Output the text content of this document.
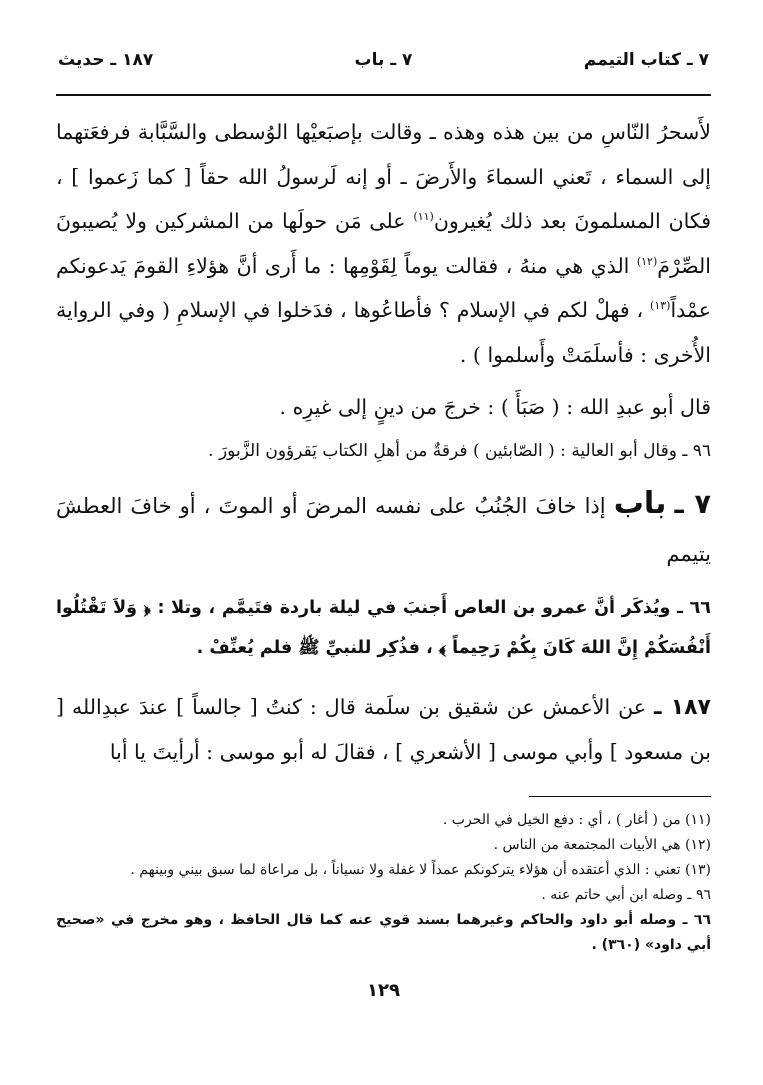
٧ ـ كتاب التيمم
٧ ـ باب
١٨٧ ـ حديث

لأَسحرُ النّاسِ من بين هذه وهذه ـ وقالت بإصبَعيْها الوُسطى والسَّبَّابة فرفعَتهما إلى السماء ، تَعني السماءَ والأَرضَ ـ أو إنه لَرسولُ الله حقاً [ كما زَعموا ] ، فكان المسلمونَ بعد ذلك يُغيرون$^{(١١)}$ على مَن حولَها من المشركين ولا يُصيبونَ الصِّرْمَ$^{(١٢)}$ الذي هي منهُ ، فقالت يوماً لِقَوْمِها : ما أَرى أنَّ هؤلاءِ القومَ يَدعونكم عمْداً$^{(١٣)}$ ، فهلْ لكم في الإسلام ؟ فأطاعُوها ، فدَخلوا في الإسلامِ ( وفي الرواية الأُخرى : فأسلَمَتْ وأَسلموا ) .

قال أبو عبدِ الله : ( صَبَأَ ) : خرجَ من دينٍ إلى غيرِه .

٩٦ ـ وقال أبو العالية : ( الصّابئين ) فرقةٌ من أهلِ الكتاب يَقرؤون الزَّبورَ .

٧ ـ باب إذا خافَ الجُنُبُ على نفسه المرضَ أو الموتَ ، أو خافَ العطشَ يتيمم

٦٦ ـ ويُذكَر أنَّ عمرو بن العاص أَجنبَ في ليلة باردة فتَيمَّم ، وتلا : ﴿ وَلاَ تَقْتُلُوا أَنْفُسَكُمْ إِنَّ اللهَ كَانَ بِكُمْ رَحِيماً ﴾ ، فذُكِر للنبيِّ ﷺ فلم يُعنِّفْ .

١٨٧ ـ عن الأعمش عن شقيق بن سلَمة قال : كنتُ [ جالساً ] عندَ عبدِالله [ بن مسعود ] وأبي موسى [ الأشعري ] ، فقالَ له أبو موسى : أرأيتَ يا أبا

(١١) من ( أغار ) ، أي : دفع الخيل في الحرب .

(١٢) هي الأبيات المجتمعة من الناس .

(١٣) تعني : الذي أعتقده أن هؤلاء يتركونكم عمداً لا غفلة ولا نسياناً ، بل مراعاة لما سبق بيني وبينهم .

٩٦ ـ وصله ابن أبي حاتم عنه .

٦٦ ـ وصله أبو داود والحاكم وغيرهما بسند قوي عنه كما قال الحافظ ، وهو مخرج في «صحيح أبي داود» (٣٦٠) .

١٢٩
